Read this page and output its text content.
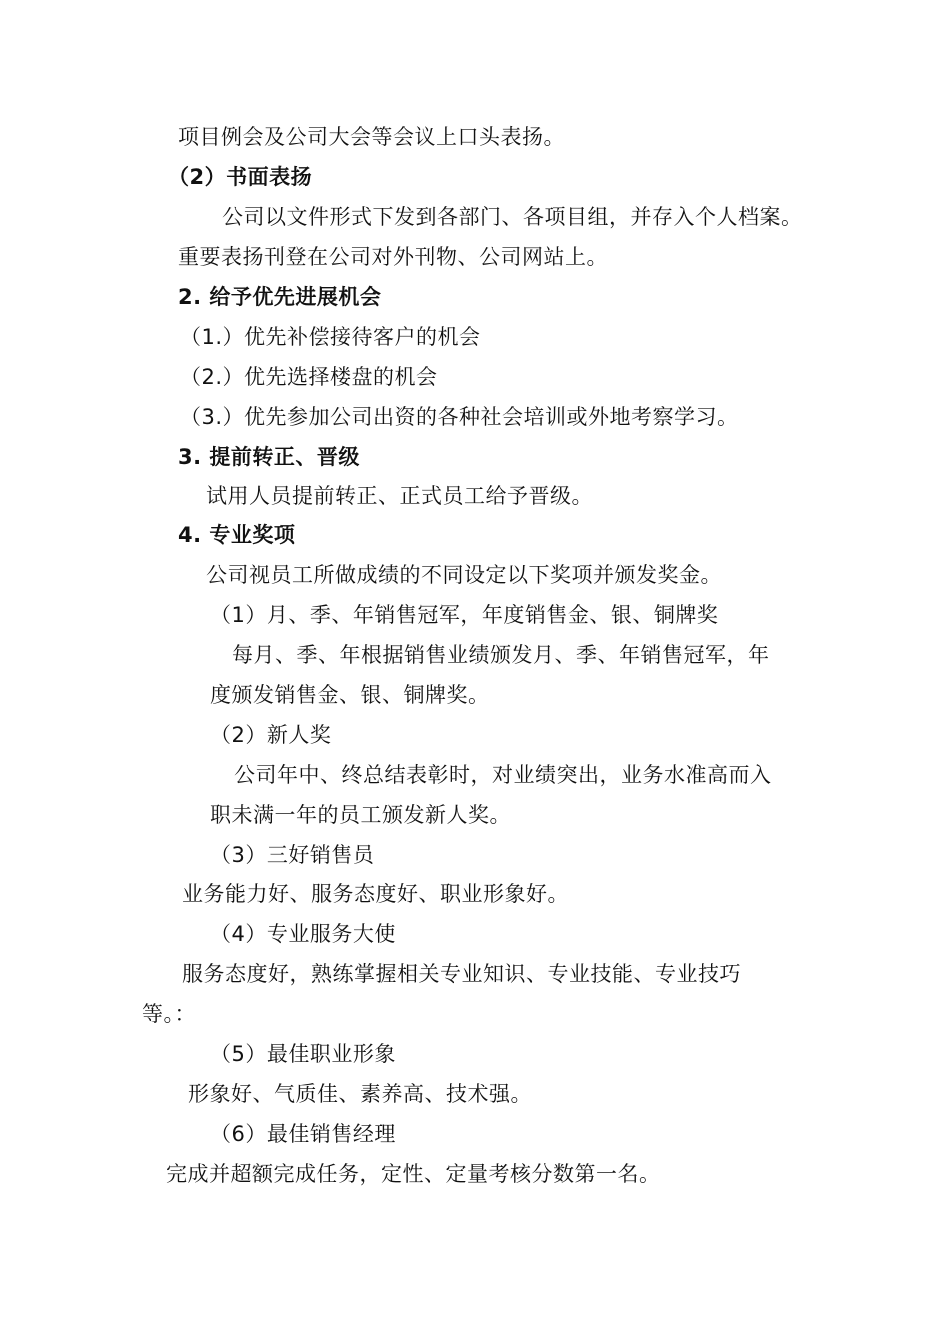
项目例会及公司大会等会议上口头表扬。
（2）书面表扬
公司以文件形式下发到各部门、各项目组，并存入个人档案。
重要表扬刊登在公司对外刊物、公司网站上。
2. 给予优先进展机会
（1.）优先补偿接待客户的机会
（2.）优先选择楼盘的机会
（3.）优先参加公司出资的各种社会培训或外地考察学习。
3. 提前转正、晋级
试用人员提前转正、正式员工给予晋级。
4. 专业奖项
公司视员工所做成绩的不同设定以下奖项并颁发奖金。
（1）月、季、年销售冠军，年度销售金、银、铜牌奖
每月、季、年根据销售业绩颁发月、季、年销售冠军，年
度颁发销售金、银、铜牌奖。
（2）新人奖
公司年中、终总结表彰时，对业绩突出，业务水准高而入
职未满一年的员工颁发新人奖。
（3）三好销售员
业务能力好、服务态度好、职业形象好。
（4）专业服务大使
服务态度好，熟练掌握相关专业知识、专业技能、专业技巧
等。：
（5）最佳职业形象
形象好、气质佳、素养高、技术强。
（6）最佳销售经理
完成并超额完成任务，定性、定量考核分数第一名。
